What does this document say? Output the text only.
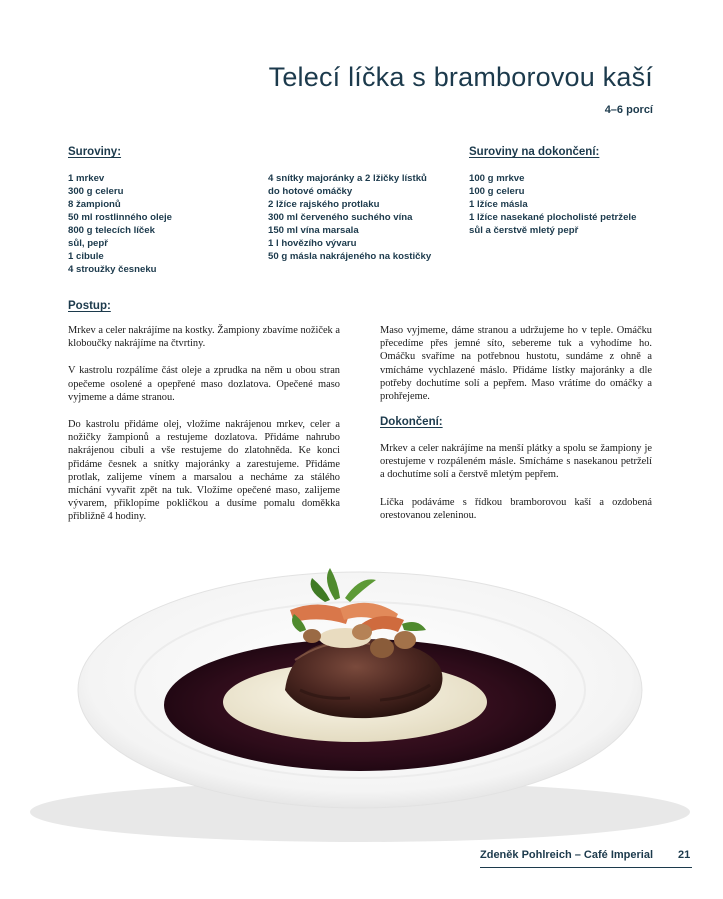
Telecí líčka s bramborovou kaší
4–6 porcí
Suroviny:
1 mrkev
300 g celeru
8 žampionů
50 ml rostlinného oleje
800 g telecích líček
sůl, pepř
1 cibule
4 stroužky česneku
4 snítky majoránky a 2 lžičky lístků
do hotové omáčky
2 lžíce rajského protlaku
300 ml červeného suchého vína
150 ml vína marsala
1 l hovězího vývaru
50 g másla nakrájeného na kostičky
Suroviny na dokončení:
100 g mrkve
100 g celeru
1 lžíce másla
1 lžíce nasekané plocholisté petržele
sůl a čerstvě mletý pepř
Postup:

Mrkev a celer nakrájíme na kostky. Žampiony zbavíme nožiček a kloboučky nakrájíme na čtvrtiny.

V kastrolu rozpálíme část oleje a zprudka na něm u obou stran opečeme osolené a opepřené maso dozlatova. Opečené maso vyjmeme a dáme stranou.

Do kastrolu přidáme olej, vložíme nakrájenou mrkev, celer a nožičky žampionů a restujeme dozlatova. Přidáme nahrubo nakrájenou cibuli a vše restujeme do zlatohněda. Ke konci přidáme česnek a snítky majoránky a zarestujeme. Přidáme protlak, zalijeme vínem a marsalou a necháme za stálého míchání vyvařit zpět na tuk. Vložíme opečené maso, zalijeme vývarem, přiklopíme pokličkou a dusíme pomalu doměkka přibližně 4 hodiny.

Maso vyjmeme, dáme stranou a udržujeme ho v teple. Omáčku přecedíme přes jemné síto, sebereme tuk a vyhodíme ho. Omáčku svaříme na potřebnou hustotu, sundáme z ohně a vmícháme vychlazené máslo. Přidáme lístky majoránky a dle potřeby dochutíme solí a pepřem. Maso vrátíme do omáčky a prohřejeme.

Dokončení:

Mrkev a celer nakrájíme na menší plátky a spolu se žampiony je orestujeme v rozpáleném másle. Smícháme s nasekanou petrželí a dochutíme solí a čerstvě mletým pepřem.

Líčka podáváme s řídkou bramborovou kaší a ozdobená orestovanou zeleninou.

Zdeněk Pohlreich – Café Imperial 21
